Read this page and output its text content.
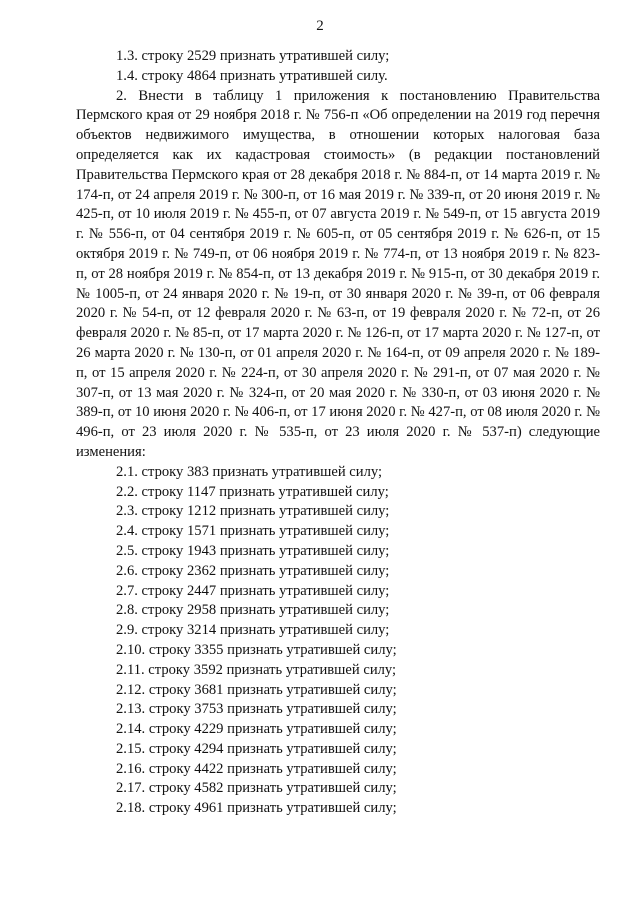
2

1.3. строку 2529 признать утратившей силу;

1.4. строку 4864 признать утратившей силу.

2. Внести в таблицу 1 приложения к постановлению Правительства Пермского края от 29 ноября 2018 г. № 756-п «Об определении на 2019 год перечня объектов недвижимого имущества, в отношении которых налоговая база определяется как их кадастровая стоимость» (в редакции постановлений Правительства Пермского края от 28 декабря 2018 г. № 884-п, от 14 марта 2019 г. № 174-п, от 24 апреля 2019 г. № 300-п, от 16 мая 2019 г. № 339-п, от 20 июня 2019 г. № 425-п, от 10 июля 2019 г. № 455-п, от 07 августа 2019 г. № 549-п, от 15 августа 2019 г. № 556-п, от 04 сентября 2019 г. № 605-п, от 05 сентября 2019 г. № 626-п, от 15 октября 2019 г. № 749-п, от 06 ноября 2019 г. № 774-п, от 13 ноября 2019 г. № 823-п, от 28 ноября 2019 г. № 854-п, от 13 декабря 2019 г. № 915-п, от 30 декабря 2019 г. № 1005-п, от 24 января 2020 г. № 19-п, от 30 января 2020 г. № 39-п, от 06 февраля 2020 г. № 54-п, от 12 февраля 2020 г. № 63-п, от 19 февраля 2020 г. № 72-п, от 26 февраля 2020 г. № 85-п, от 17 марта 2020 г. № 126-п, от 17 марта 2020 г. № 127-п, от 26 марта 2020 г. № 130-п, от 01 апреля 2020 г. № 164-п, от 09 апреля 2020 г. № 189-п, от 15 апреля 2020 г. № 224-п, от 30 апреля 2020 г. № 291-п, от 07 мая 2020 г. № 307-п, от 13 мая 2020 г. № 324-п, от 20 мая 2020 г. № 330-п, от 03 июня 2020 г. № 389-п, от 10 июня 2020 г. № 406-п, от 17 июня 2020 г. № 427-п, от 08 июля 2020 г. № 496-п, от 23 июля 2020 г. № 535-п, от 23 июля 2020 г. № 537-п) следующие изменения:

2.1. строку 383 признать утратившей силу;

2.2. строку 1147 признать утратившей силу;

2.3. строку 1212 признать утратившей силу;

2.4. строку 1571 признать утратившей силу;

2.5. строку 1943 признать утратившей силу;

2.6. строку 2362 признать утратившей силу;

2.7. строку 2447 признать утратившей силу;

2.8. строку 2958 признать утратившей силу;

2.9. строку 3214 признать утратившей силу;

2.10. строку 3355 признать утратившей силу;

2.11. строку 3592 признать утратившей силу;

2.12. строку 3681 признать утратившей силу;

2.13. строку 3753 признать утратившей силу;

2.14. строку 4229 признать утратившей силу;

2.15. строку 4294 признать утратившей силу;

2.16. строку 4422 признать утратившей силу;

2.17. строку 4582 признать утратившей силу;

2.18. строку 4961 признать утратившей силу;
